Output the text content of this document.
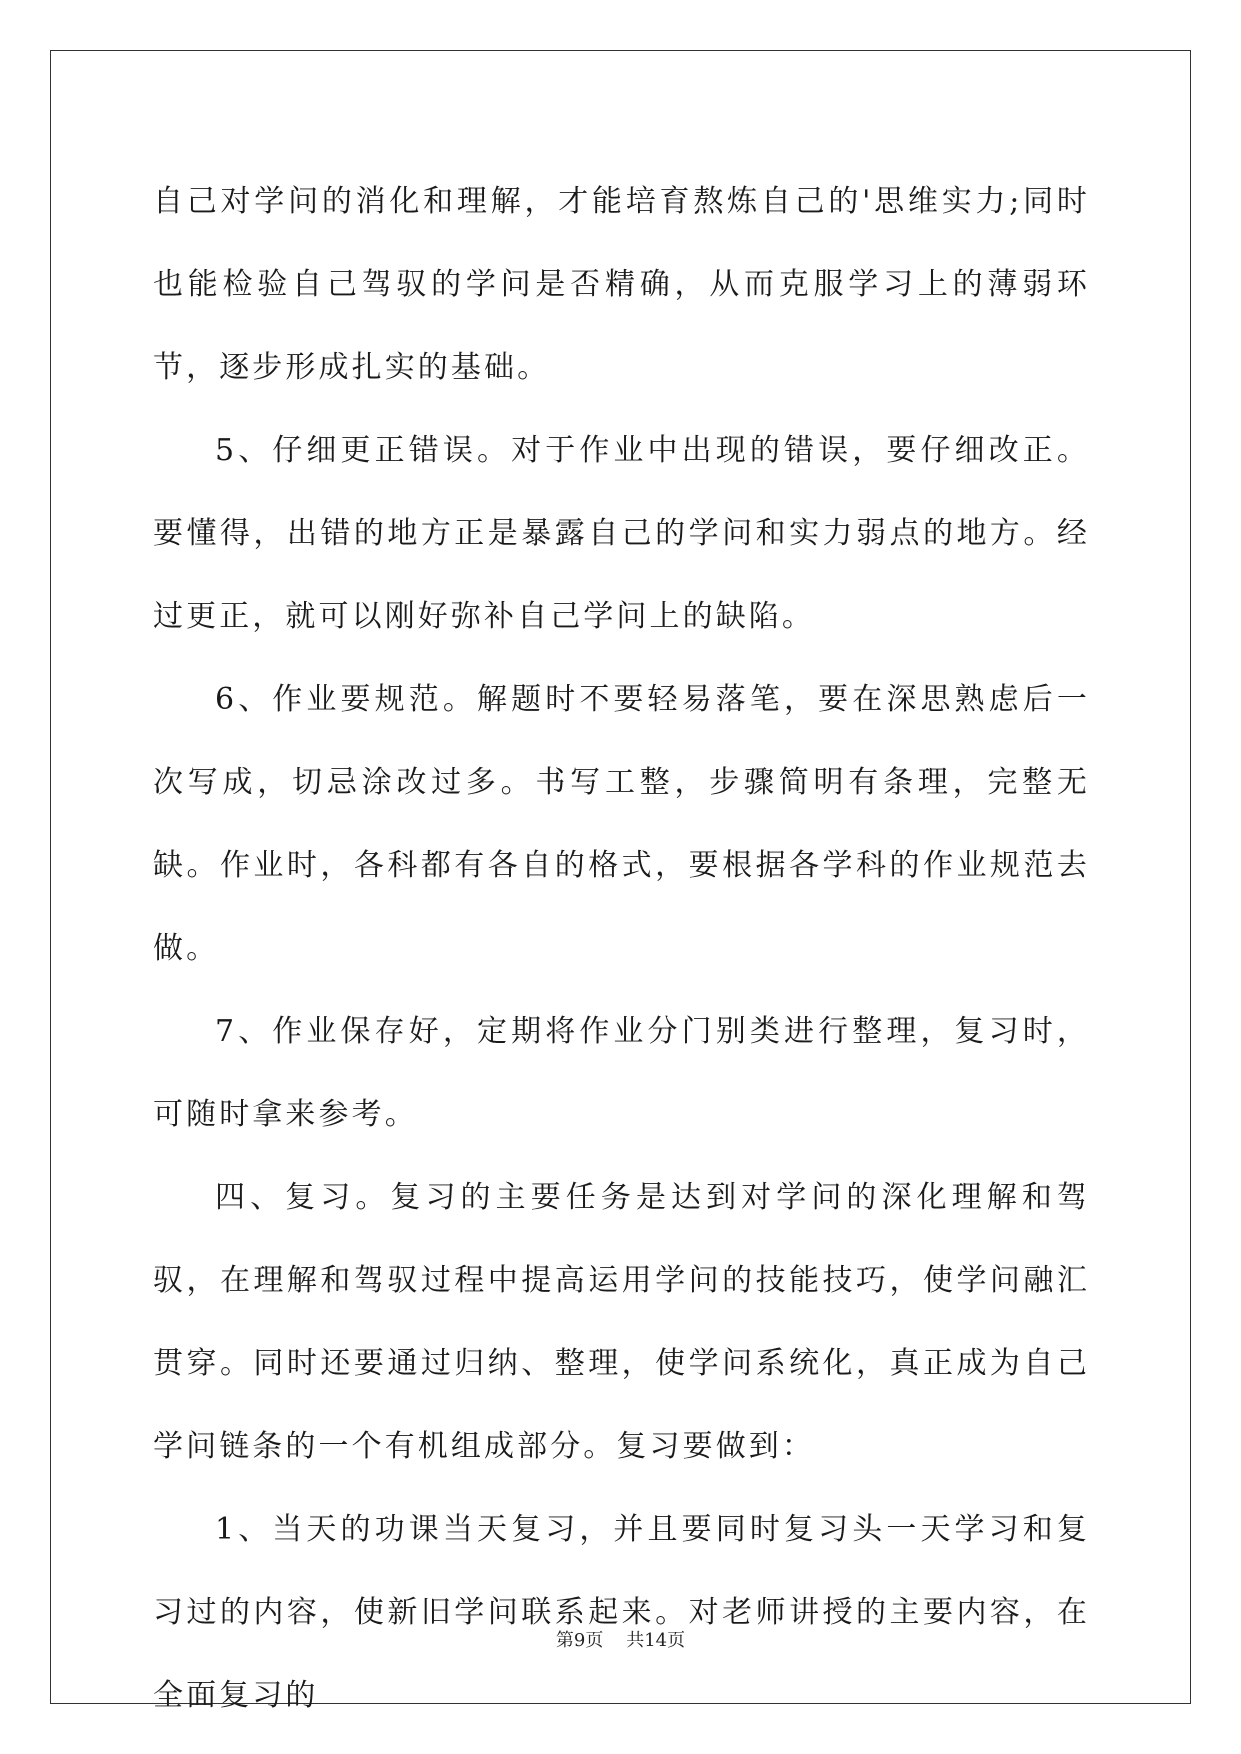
自己对学问的消化和理解，才能培育熬炼自己的'思维实力;同时也能检验自己驾驭的学问是否精确，从而克服学习上的薄弱环节，逐步形成扎实的基础。

5、仔细更正错误。对于作业中出现的错误，要仔细改正。要懂得，出错的地方正是暴露自己的学问和实力弱点的地方。经过更正，就可以刚好弥补自己学问上的缺陷。

6、作业要规范。解题时不要轻易落笔，要在深思熟虑后一次写成，切忌涂改过多。书写工整，步骤简明有条理，完整无缺。作业时，各科都有各自的格式，要根据各学科的作业规范去做。

7、作业保存好，定期将作业分门别类进行整理，复习时，可随时拿来参考。

四、复习。复习的主要任务是达到对学问的深化理解和驾驭，在理解和驾驭过程中提高运用学问的技能技巧，使学问融汇贯穿。同时还要通过归纳、整理，使学问系统化，真正成为自己学问链条的一个有机组成部分。复习要做到：

1、当天的功课当天复习，并且要同时复习头一天学习和复习过的内容，使新旧学问联系起来。对老师讲授的主要内容，在全面复习的

第9页 共14页
